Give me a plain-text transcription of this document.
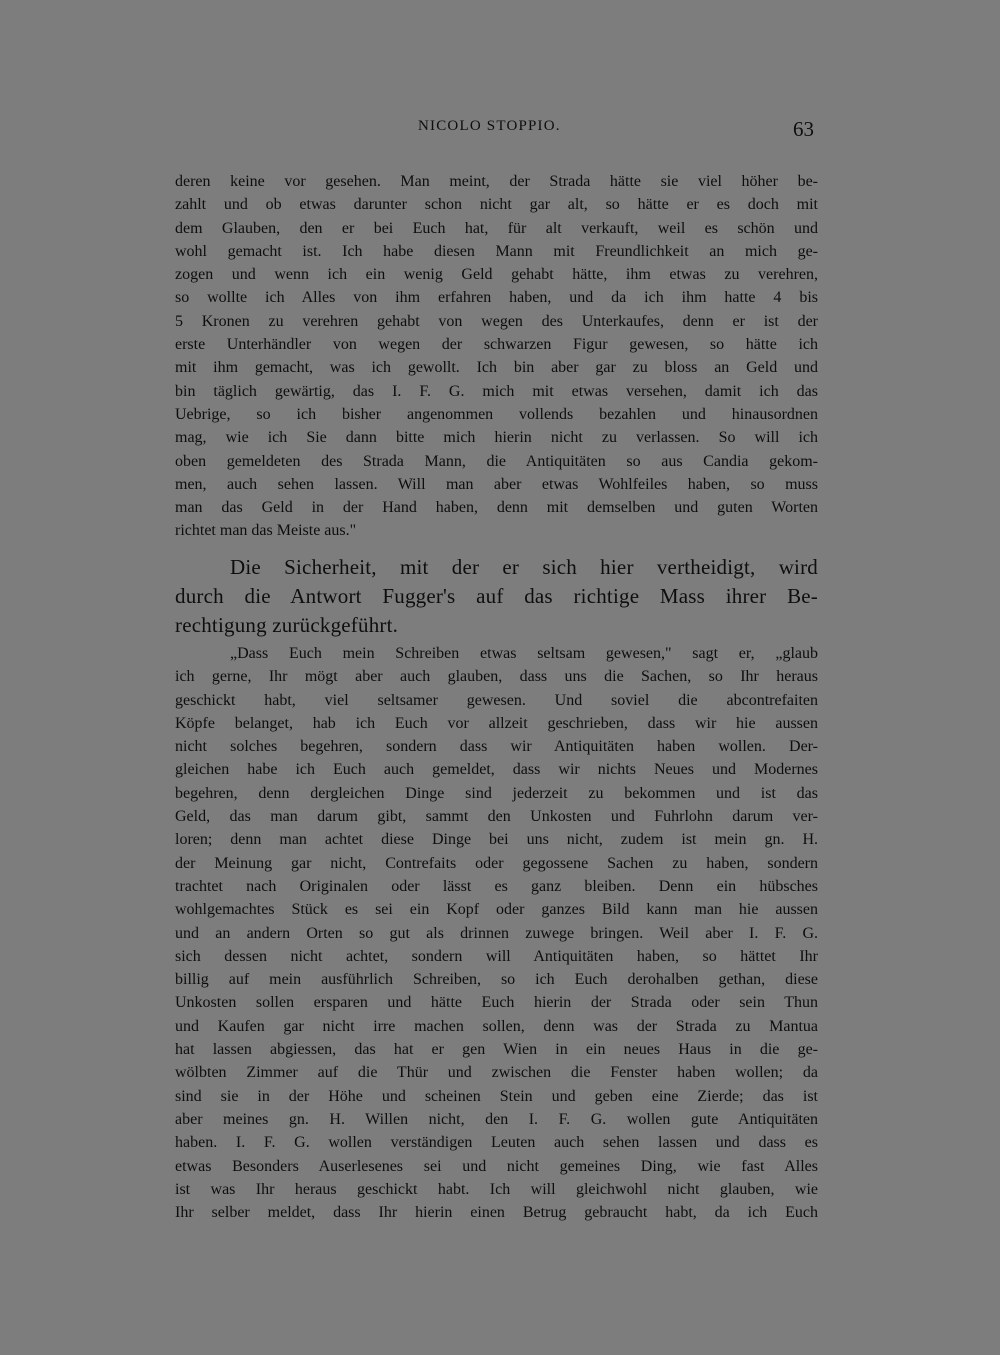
NICOLO STOPPIO.	63
deren keine vor gesehen. Man meint, der Strada hätte sie viel höher be-
zahlt und ob etwas darunter schon nicht gar alt, so hätte er es doch mit
dem Glauben, den er bei Euch hat, für alt verkauft, weil es schön und
wohl gemacht ist. Ich habe diesen Mann mit Freundlichkeit an mich ge-
zogen und wenn ich ein wenig Geld gehabt hätte, ihm etwas zu verehren,
so wollte ich Alles von ihm erfahren haben, und da ich ihm hatte 4 bis
5 Kronen zu verehren gehabt von wegen des Unterkaufes, denn er ist der
erste Unterhändler von wegen der schwarzen Figur gewesen, so hätte ich
mit ihm gemacht, was ich gewollt. Ich bin aber gar zu bloss an Geld und
bin täglich gewärtig, das I. F. G. mich mit etwas versehen, damit ich das
Uebrige, so ich bisher angenommen vollends bezahlen und hinausordnen
mag, wie ich Sie dann bitte mich hierin nicht zu verlassen. So will ich
oben gemeldeten des Strada Mann, die Antiquitäten so aus Candia gekom-
men, auch sehen lassen. Will man aber etwas Wohlfeiles haben, so muss
man das Geld in der Hand haben, denn mit demselben und guten Worten
richtet man das Meiste aus."
Die Sicherheit, mit der er sich hier vertheidigt, wird
durch die Antwort Fugger's auf das richtige Mass ihrer Be-
rechtigung zurückgeführt.
„Dass Euch mein Schreiben etwas seltsam gewesen," sagt er, „glaub
ich gerne, Ihr mögt aber auch glauben, dass uns die Sachen, so Ihr heraus
geschickt habt, viel seltsamer gewesen. Und soviel die abcontrefaiten
Köpfe belanget, hab ich Euch vor allzeit geschrieben, dass wir hie aussen
nicht solches begehren, sondern dass wir Antiquitäten haben wollen. Der-
gleichen habe ich Euch auch gemeldet, dass wir nichts Neues und Modernes
begehren, denn dergleichen Dinge sind jederzeit zu bekommen und ist das
Geld, das man darum gibt, sammt den Unkosten und Fuhrlohn darum ver-
loren; denn man achtet diese Dinge bei uns nicht, zudem ist mein gn. H.
der Meinung gar nicht, Contrefaits oder gegossene Sachen zu haben, sondern
trachtet nach Originalen oder lässt es ganz bleiben. Denn ein hübsches
wohlgemachtes Stück es sei ein Kopf oder ganzes Bild kann man hie aussen
und an andern Orten so gut als drinnen zuwege bringen. Weil aber I. F. G.
sich dessen nicht achtet, sondern will Antiquitäten haben, so hättet Ihr
billig auf mein ausführlich Schreiben, so ich Euch derohalben gethan, diese
Unkosten sollen ersparen und hätte Euch hierin der Strada oder sein Thun
und Kaufen gar nicht irre machen sollen, denn was der Strada zu Mantua
hat lassen abgiessen, das hat er gen Wien in ein neues Haus in die ge-
wölbten Zimmer auf die Thür und zwischen die Fenster haben wollen; da
sind sie in der Höhe und scheinen Stein und geben eine Zierde; das ist
aber meines gn. H. Willen nicht, den I. F. G. wollen gute Antiquitäten
haben. I. F. G. wollen verständigen Leuten auch sehen lassen und dass es
etwas Besonders Auserlesenes sei und nicht gemeines Ding, wie fast Alles
ist was Ihr heraus geschickt habt. Ich will gleichwohl nicht glauben, wie
Ihr selber meldet, dass Ihr hierin einen Betrug gebraucht habt, da ich Euch
